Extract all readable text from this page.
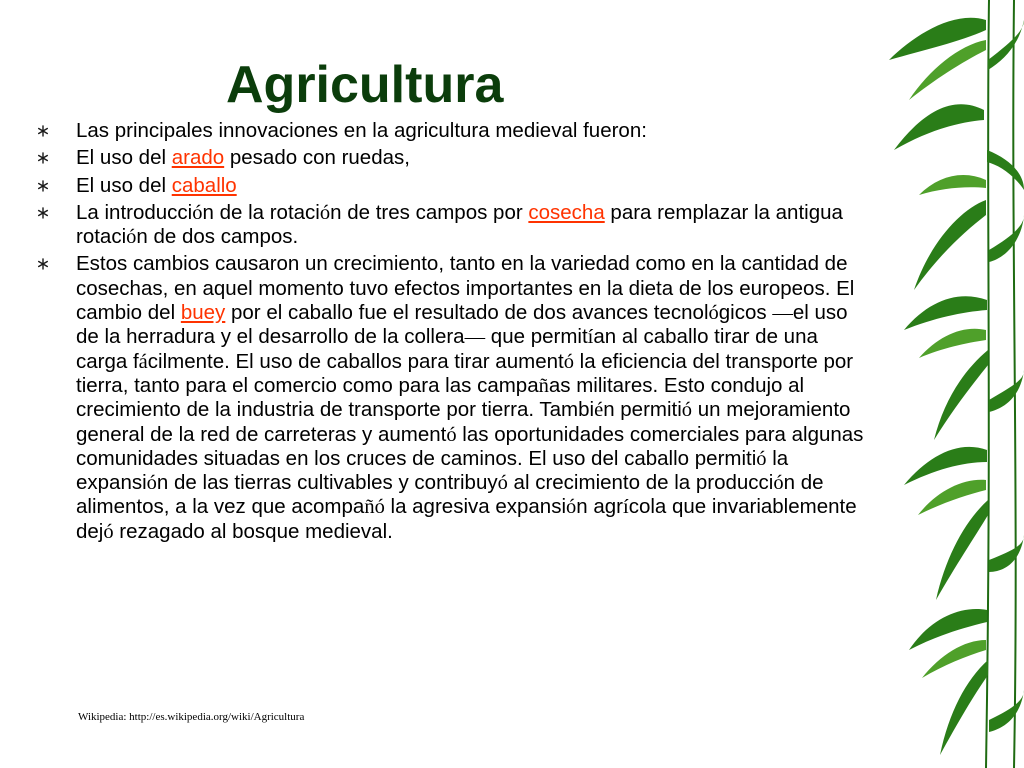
Agricultura
Las principales innovaciones en la agricultura medieval fueron:
El uso del arado pesado con ruedas,
El uso del caballo
La introducción de la rotación de tres campos por cosecha para remplazar la antigua rotación de dos campos.
Estos cambios causaron un crecimiento, tanto en la variedad como en la cantidad de cosechas, en aquel momento tuvo efectos importantes en la dieta de los europeos. El cambio del buey por el caballo fue el resultado de dos avances tecnológicos —el uso de la herradura y el desarrollo de la collera— que permitían al caballo tirar de una carga fácilmente. El uso de caballos para tirar aumentó la eficiencia del transporte por tierra, tanto para el comercio como para las campañas militares. Esto condujo al crecimiento de la industria de transporte por tierra. También permitió un mejoramiento general de la red de carreteras y aumentó las oportunidades comerciales para algunas comunidades situadas en los cruces de caminos. El uso del caballo permitió la expansión de las tierras cultivables y contribuyó al crecimiento de la producción de alimentos, a la vez que acompañó la agresiva expansión agrícola que invariablemente dejó rezagado al bosque medieval.
Wikipedia: http://es.wikipedia.org/wiki/Agricultura
